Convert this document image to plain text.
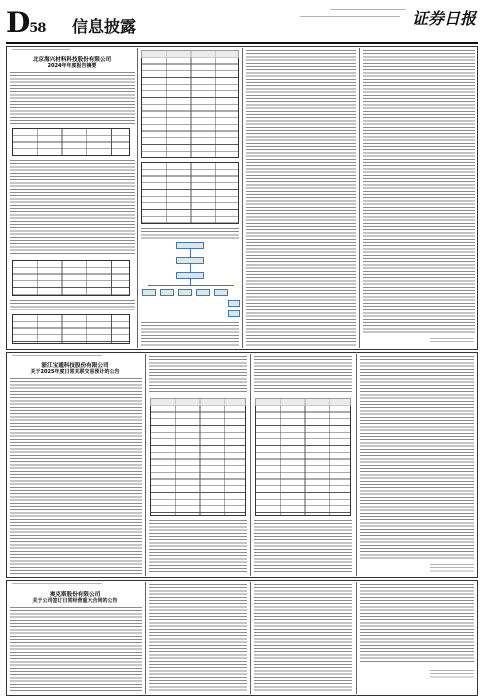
D58 信息披露	证券日报
北京海兴材料科技股份有限公司
2024年年度报告摘要
浙江宝通科技股份有限公司
关于2025年度日常关联交易预计的公告
奥克斯股份有限公司
关于公司签订日常经营重大合同的公告
